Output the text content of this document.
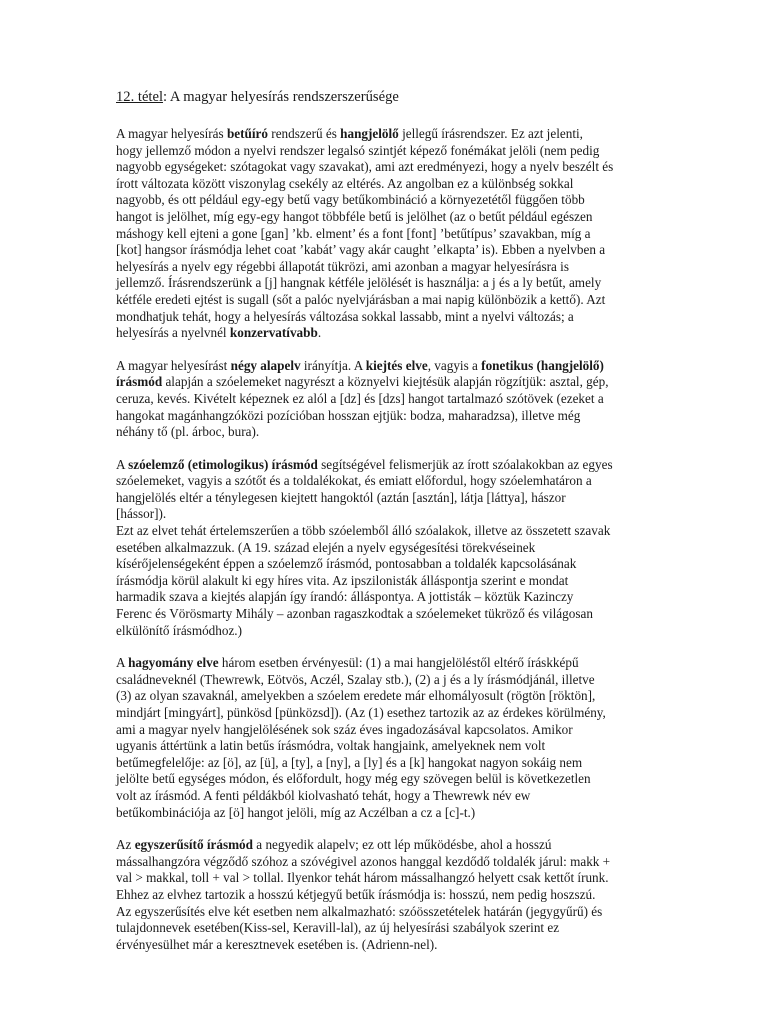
12. tétel: A magyar helyesírás rendszerszerűsége

A magyar helyesírás betűíró rendszerű és hangjelölő jellegű írásrendszer. Ez azt jelenti,
hogy jellemző módon a nyelvi rendszer legalsó szintjét képező fonémákat jelöli (nem pedig
nagyobb egységeket: szótagokat vagy szavakat), ami azt eredményezi, hogy a nyelv beszélt és
írott változata között viszonylag csekély az eltérés. Az angolban ez a különbség sokkal
nagyobb, és ott például egy-egy betű vagy betűkombináció a környezetétől függően több
hangot is jelölhet, míg egy-egy hangot többféle betű is jelölhet (az o betűt például egészen
máshogy kell ejteni a gone [gan] ’kb. elment’ és a font [font] ’betűtípus’ szavakban, míg a
[kot] hangsor írásmódja lehet coat ’kabát’ vagy akár caught ’elkapta’ is). Ebben a nyelvben a
helyesírás a nyelv egy régebbi állapotát tükrözi, ami azonban a magyar helyesírásra is
jellemző. Írásrendszerünk a [j] hangnak kétféle jelölését is használja: a j és a ly betűt, amely
kétféle eredeti ejtést is sugall (sőt a palóc nyelvjárásban a mai napig különbözik a kettő). Azt
mondhatjuk tehát, hogy a helyesírás változása sokkal lassabb, mint a nyelvi változás; a
helyesírás a nyelvnél konzervatívabb.

A magyar helyesírást négy alapelv irányítja. A kiejtés elve, vagyis a fonetikus (hangjelölő)
írásmód alapján a szóelemeket nagyrészt a köznyelvi kiejtésük alapján rögzítjük: asztal, gép,
ceruza, kevés. Kivételt képeznek ez alól a [dz] és [dzs] hangot tartalmazó szótövek (ezeket a
hangokat magánhangzóközi pozícióban hosszan ejtjük: bodza, maharadzsa), illetve még
néhány tő (pl. árboc, bura).

A szóelemző (etimologikus) írásmód segítségével felismerjük az írott szóalakokban az egyes
szóelemeket, vagyis a szótőt és a toldalékokat, és emiatt előfordul, hogy szóelemhatáron a
hangjelölés eltér a ténylegesen kiejtett hangoktól (aztán [asztán], látja [láttya], hászor
[hássor]).
Ezt az elvet tehát értelemszerűen a több szóelemből álló szóalakok, illetve az összetett szavak
esetében alkalmazzuk. (A 19. század elején a nyelv egységesítési törekvéseinek
kísérőjelenségeként éppen a szóelemző írásmód, pontosabban a toldalék kapcsolásának
írásmódja körül alakult ki egy híres vita. Az ipszilonisták álláspontja szerint e mondat
harmadik szava a kiejtés alapján így írandó: álláspontya. A jottisták – köztük Kazinczy
Ferenc és Vörösmarty Mihály – azonban ragaszkodtak a szóelemeket tükröző és világosan
elkülönítő írásmódhoz.)

A hagyomány elve három esetben érvényesül: (1) a mai hangjelöléstől eltérő íráskképű
családneveknél (Thewrewk, Eötvös, Aczél, Szalay stb.), (2) a j és a ly írásmódjánál, illetve
(3) az olyan szavaknál, amelyekben a szóelem eredete már elhomályosult (rögtön [röktön],
mindjárt [mingyárt], pünkösd [pünközsd]). (Az (1) esethez tartozik az az érdekes körülmény,
ami a magyar nyelv hangjelölésének sok száz éves ingadozásával kapcsolatos. Amikor
ugyanis áttértünk a latin betűs írásmódra, voltak hangjaink, amelyeknek nem volt
betűmegfelelője: az [ö], az [ü], a [ty], a [ny], a [ly] és a [k] hangokat nagyon sokáig nem
jelölte betű egységes módon, és előfordult, hogy még egy szövegen belül is következetlen
volt az írásmód. A fenti példákból kiolvasható tehát, hogy a Thewrewk név ew
betűkombinációja az [ö] hangot jelöli, míg az Aczélban a cz a [c]-t.)

Az egyszerűsítő írásmód a negyedik alapelv; ez ott lép működésbe, ahol a hosszú
mássalhangzóra végződő szóhoz a szóvégivel azonos hanggal kezdődő toldalék járul: makk +
val > makkal, toll + val > tollal. Ilyenkor tehát három mássalhangzó helyett csak kettőt írunk.
Ehhez az elvhez tartozik a hosszú kétjegyű betűk írásmódja is: hosszú, nem pedig hoszszú.
Az egyszerűsítés elve két esetben nem alkalmazható: szóösszetételek határán (jegygyűrű) és
tulajdonnevek esetében(Kiss-sel, Keravill-lal), az új helyesírási szabályok szerint ez
érvényesülhet már a keresztnevek esetében is. (Adrienn-nel).
